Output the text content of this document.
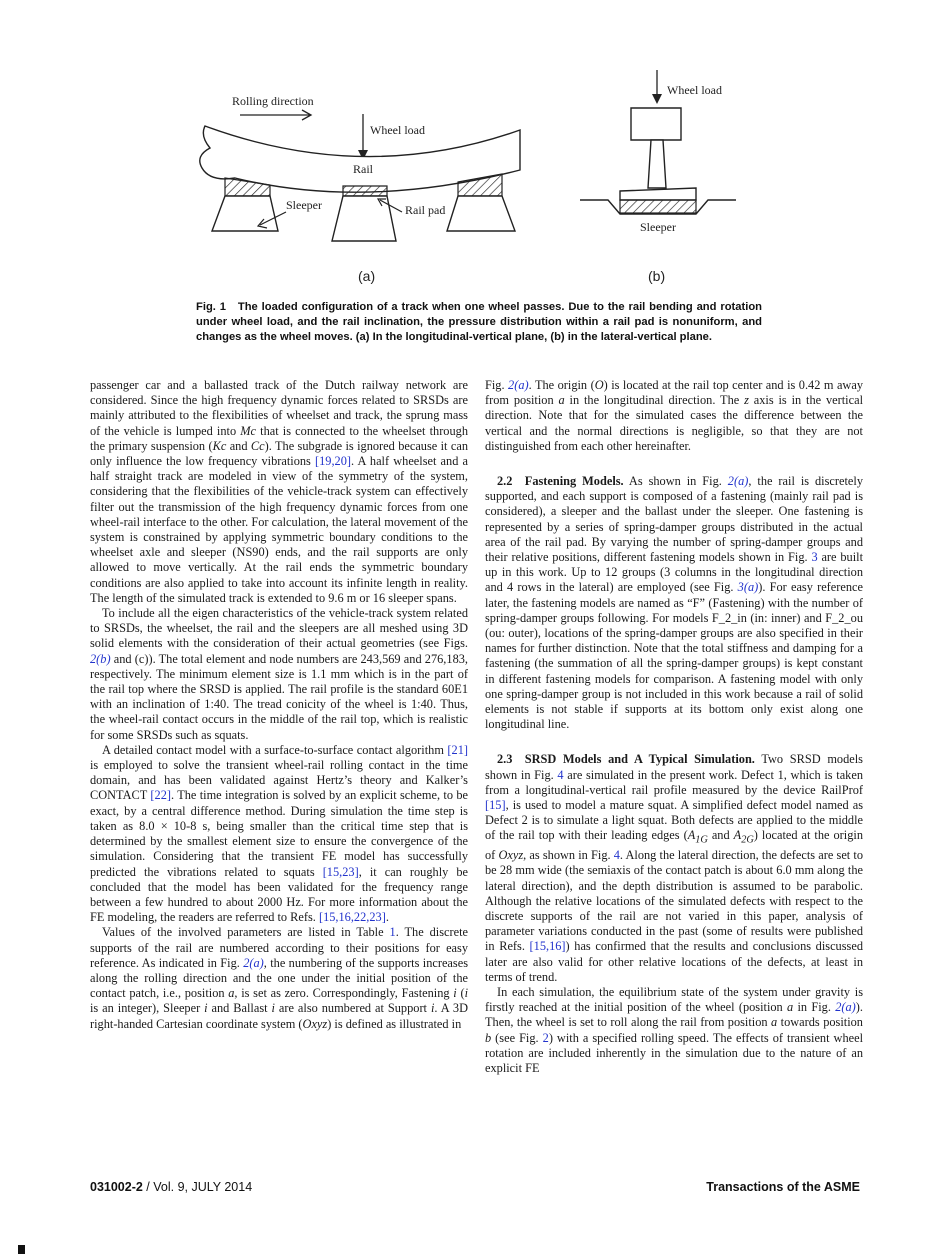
Rolling direction
Wheel load
Rail
Sleeper	Rail pad
(a)
Wheel load
Sleeper
(b)
Fig. 1 The loaded configuration of a track when one wheel passes. Due to the rail bending and rotation under wheel load, and the rail inclination, the pressure distribution within a rail pad is nonuniform, and changes as the wheel moves. (a) In the longitudinal-vertical plane, (b) in the lateral-vertical plane.

passenger car and a ballasted track of the Dutch railway network are considered. Since the high frequency dynamic forces related to SRSDs are mainly attributed to the flexibilities of wheelset and track, the sprung mass of the vehicle is lumped into Mc that is connected to the wheelset through the primary suspension (Kc and Cc). The subgrade is ignored because it can only influence the low frequency vibrations [19,20]. A half wheelset and a half straight track are modeled in view of the symmetry of the system, considering that the flexibilities of the vehicle-track system can effectively filter out the transmission of the high frequency dynamic forces from one wheel-rail interface to the other. For calculation, the lateral movement of the system is constrained by applying symmetric boundary conditions to the wheelset axle and sleeper (NS90) ends, and the rail supports are only allowed to move vertically. At the rail ends the symmetric boundary conditions are also applied to take into account its infinite length in reality. The length of the simulated track is extended to 9.6 m or 16 sleeper spans.

To include all the eigen characteristics of the vehicle-track system related to SRSDs, the wheelset, the rail and the sleepers are all meshed using 3D solid elements with the consideration of their actual geometries (see Figs. 2(b) and (c)). The total element and node numbers are 243,569 and 276,183, respectively. The minimum element size is 1.1 mm which is in the part of the rail top where the SRSD is applied. The rail profile is the standard 60E1 with an inclination of 1:40. The tread conicity of the wheel is 1:40. Thus, the wheel-rail contact occurs in the middle of the rail top, which is realistic for some SRSDs such as squats.

A detailed contact model with a surface-to-surface contact algorithm [21] is employed to solve the transient wheel-rail rolling contact in the time domain, and has been validated against Hertz’s theory and Kalker’s CONTACT [22]. The time integration is solved by an explicit scheme, to be exact, by a central difference method. During simulation the time step is taken as 8.0 × 10-8 s, being smaller than the critical time step that is determined by the smallest element size to ensure the convergence of the simulation. Considering that the transient FE model has successfully predicted the vibrations related to squats [15,23], it can roughly be concluded that the model has been validated for the frequency range between a few hundred to about 2000 Hz. For more information about the FE modeling, the readers are referred to Refs. [15,16,22,23].

Values of the involved parameters are listed in Table 1. The discrete supports of the rail are numbered according to their positions for easy reference. As indicated in Fig. 2(a), the numbering of the supports increases along the rolling direction and the one under the initial position of the contact patch, i.e., position a, is set as zero. Correspondingly, Fastening i (i is an integer), Sleeper i and Ballast i are also numbered at Support i. A 3D right-handed Cartesian coordinate system (Oxyz) is defined as illustrated in

Fig. 2(a). The origin (O) is located at the rail top center and is 0.42 m away from position a in the longitudinal direction. The z axis is in the vertical direction. Note that for the simulated cases the difference between the vertical and the normal directions is negligible, so that they are not distinguished from each other hereinafter.

2.2 Fastening Models. As shown in Fig. 2(a), the rail is discretely supported, and each support is composed of a fastening (mainly rail pad is considered), a sleeper and the ballast under the sleeper. One fastening is represented by a series of spring-damper groups distributed in the actual area of the rail pad. By varying the number of spring-damper groups and their relative positions, different fastening models shown in Fig. 3 are built up in this work. Up to 12 groups (3 columns in the longitudinal direction and 4 rows in the lateral) are employed (see Fig. 3(a)). For easy reference later, the fastening models are named as “F” (Fastening) with the number of spring-damper groups following. For models F_2_in (in: inner) and F_2_ou (ou: outer), locations of the spring-damper groups are also specified in their names for further distinction. Note that the total stiffness and damping for a fastening (the summation of all the spring-damper groups) is kept constant in different fastening models for comparison. A fastening model with only one spring-damper group is not included in this work because a rail of solid elements is not stable if supports at its bottom only exist along one longitudinal line.

2.3 SRSD Models and A Typical Simulation. Two SRSD models shown in Fig. 4 are simulated in the present work. Defect 1, which is taken from a longitudinal-vertical rail profile measured by the device RailProf [15], is used to model a mature squat. A simplified defect model named as Defect 2 is to simulate a light squat. Both defects are applied to the middle of the rail top with their leading edges ($A_{1G}$ and $A_{2G}$) located at the origin of Oxyz, as shown in Fig. 4. Along the lateral direction, the defects are set to be 28 mm wide (the semiaxis of the contact patch is about 6.0 mm along the lateral direction), and the depth distribution is assumed to be parabolic. Although the relative locations of the simulated defects with respect to the discrete supports of the rail are not varied in this paper, analysis of parameter variations conducted in the past (some of results were published in Refs. [15,16]) has confirmed that the results and conclusions discussed later are also valid for other relative locations of the defects, at least in terms of trend.

In each simulation, the equilibrium state of the system under gravity is firstly reached at the initial position of the wheel (position a in Fig. 2(a)). Then, the wheel is set to roll along the rail from position a towards position b (see Fig. 2) with a specified rolling speed. The effects of transient wheel rotation are included inherently in the simulation due to the nature of an explicit FE

031002-2 / Vol. 9, JULY 2014	Transactions of the ASME
